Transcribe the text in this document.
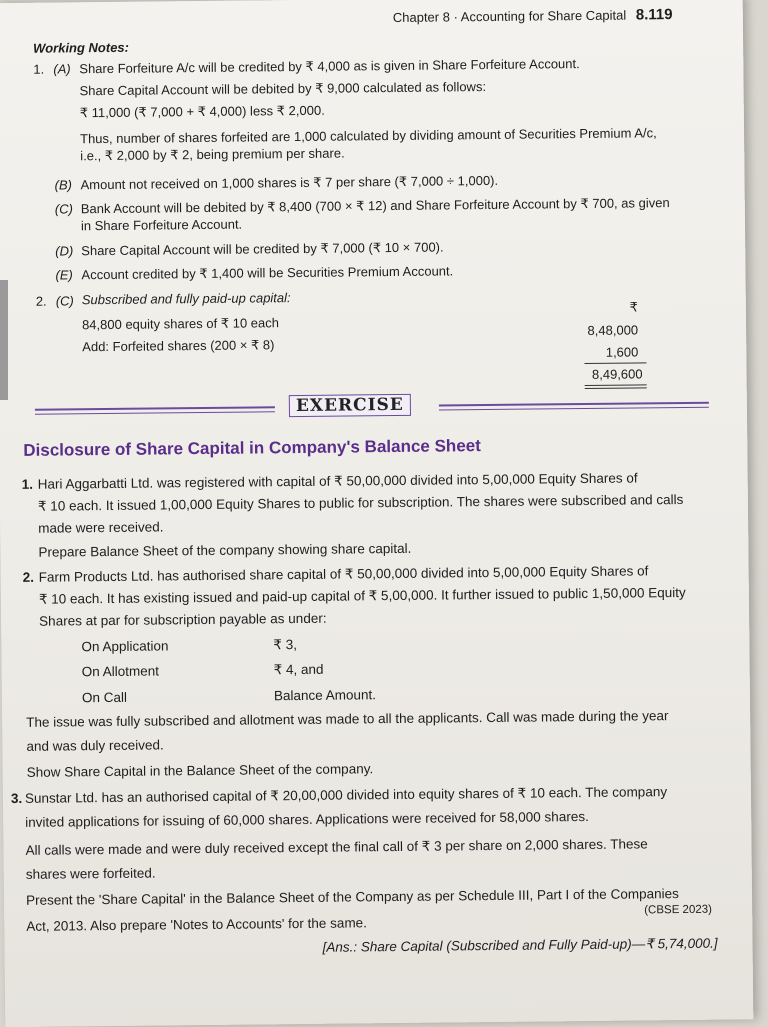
Chapter 8 · Accounting for Share Capital 8.119
Working Notes:
1. (A) Share Forfeiture A/c will be credited by ₹ 4,000 as is given in Share Forfeiture Account.
Share Capital Account will be debited by ₹ 9,000 calculated as follows:
₹ 11,000 (₹ 7,000 + ₹ 4,000) less ₹ 2,000.
Thus, number of shares forfeited are 1,000 calculated by dividing amount of Securities Premium A/c,
i.e., ₹ 2,000 by ₹ 2, being premium per share.
(B) Amount not received on 1,000 shares is ₹ 7 per share (₹ 7,000 ÷ 1,000).
(C) Bank Account will be debited by ₹ 8,400 (700 × ₹ 12) and Share Forfeiture Account by ₹ 700, as given
in Share Forfeiture Account.
(D) Share Capital Account will be credited by ₹ 7,000 (₹ 10 × 700).
(E) Account credited by ₹ 1,400 will be Securities Premium Account.
2. (C) Subscribed and fully paid-up capital:	₹
84,800 equity shares of ₹ 10 each	8,48,000
Add: Forfeited shares (200 × ₹ 8)	1,600
8,49,600
EXERCISE
Disclosure of Share Capital in Company's Balance Sheet
1. Hari Aggarbatti Ltd. was registered with capital of ₹ 50,00,000 divided into 5,00,000 Equity Shares of
₹ 10 each. It issued 1,00,000 Equity Shares to public for subscription. The shares were subscribed and calls
made were received.
Prepare Balance Sheet of the company showing share capital.
2. Farm Products Ltd. has authorised share capital of ₹ 50,00,000 divided into 5,00,000 Equity Shares of
₹ 10 each. It has existing issued and paid-up capital of ₹ 5,00,000. It further issued to public 1,50,000 Equity
Shares at par for subscription payable as under:
On Application	₹ 3,
On Allotment	₹ 4, and
On Call	Balance Amount.
The issue was fully subscribed and allotment was made to all the applicants. Call was made during the year
and was duly received.
Show Share Capital in the Balance Sheet of the company.
3. Sunstar Ltd. has an authorised capital of ₹ 20,00,000 divided into equity shares of ₹ 10 each. The company
invited applications for issuing of 60,000 shares. Applications were received for 58,000 shares.
All calls were made and were duly received except the final call of ₹ 3 per share on 2,000 shares. These
shares were forfeited.
Present the 'Share Capital' in the Balance Sheet of the Company as per Schedule III, Part I of the Companies
(CBSE 2023)
Act, 2013. Also prepare 'Notes to Accounts' for the same.
[Ans.: Share Capital (Subscribed and Fully Paid-up)—₹ 5,74,000.]
